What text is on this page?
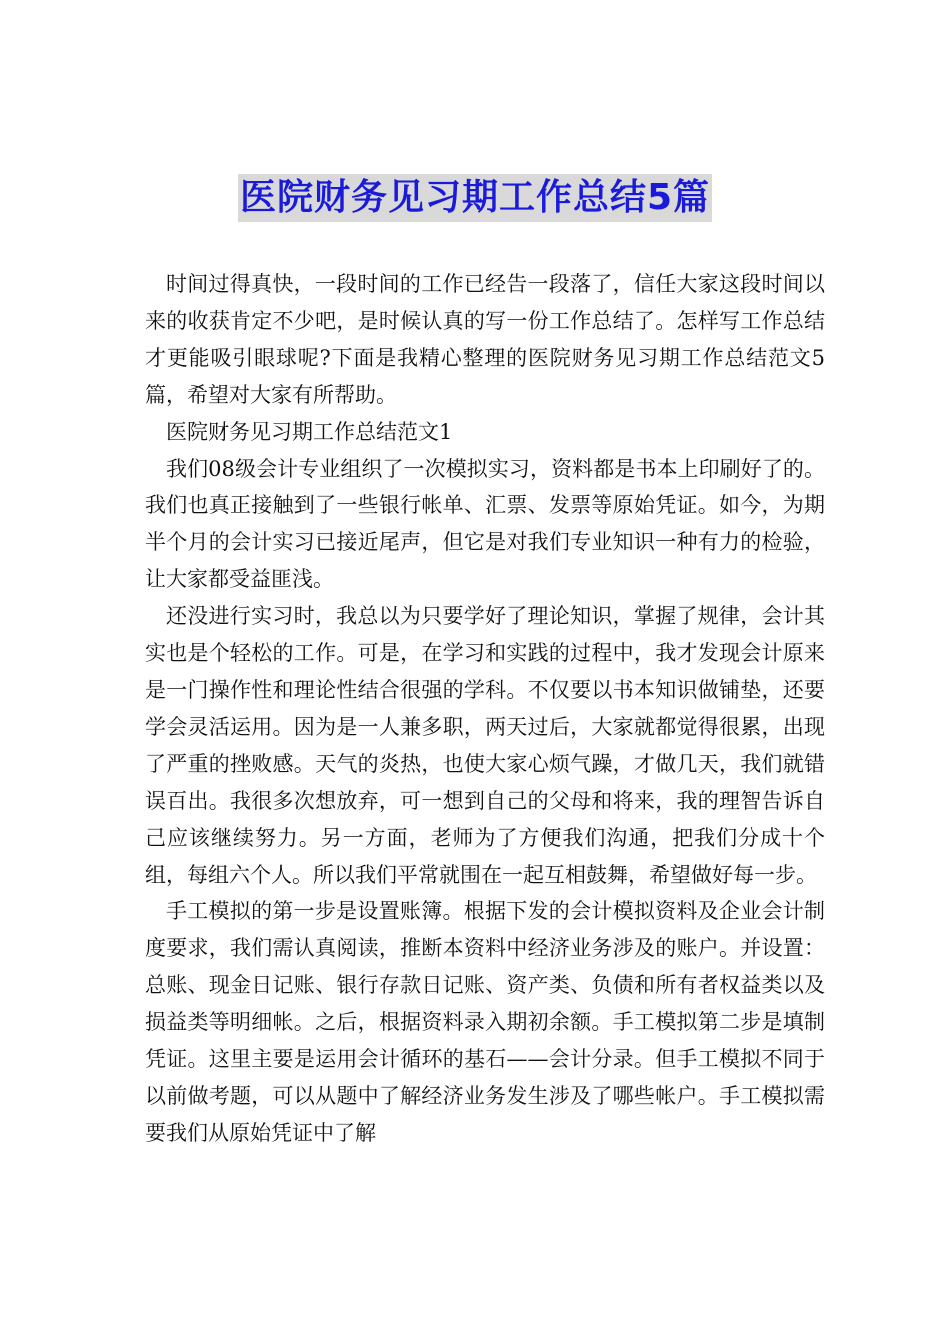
医院财务见习期工作总结5篇

时间过得真快，一段时间的工作已经告一段落了，信任大家这段时间以来的收获肯定不少吧，是时候认真的写一份工作总结了。怎样写工作总结才更能吸引眼球呢?下面是我精心整理的医院财务见习期工作总结范文5篇，希望对大家有所帮助。

医院财务见习期工作总结范文1

我们08级会计专业组织了一次模拟实习，资料都是书本上印刷好了的。我们也真正接触到了一些银行帐单、汇票、发票等原始凭证。如今，为期半个月的会计实习已接近尾声，但它是对我们专业知识一种有力的检验，让大家都受益匪浅。

还没进行实习时，我总以为只要学好了理论知识，掌握了规律，会计其实也是个轻松的工作。可是，在学习和实践的过程中，我才发现会计原来是一门操作性和理论性结合很强的学科。不仅要以书本知识做铺垫，还要学会灵活运用。因为是一人兼多职，两天过后，大家就都觉得很累，出现了严重的挫败感。天气的炎热，也使大家心烦气躁，才做几天，我们就错误百出。我很多次想放弃，可一想到自己的父母和将来，我的理智告诉自己应该继续努力。另一方面，老师为了方便我们沟通，把我们分成十个组，每组六个人。所以我们平常就围在一起互相鼓舞，希望做好每一步。

手工模拟的第一步是设置账簿。根据下发的会计模拟资料及企业会计制度要求，我们需认真阅读，推断本资料中经济业务涉及的账户。并设置：总账、现金日记账、银行存款日记账、资产类、负债和所有者权益类以及损益类等明细帐。之后，根据资料录入期初余额。手工模拟第二步是填制凭证。这里主要是运用会计循环的基石——会计分录。但手工模拟不同于以前做考题，可以从题中了解经济业务发生涉及了哪些帐户。手工模拟需要我们从原始凭证中了解
